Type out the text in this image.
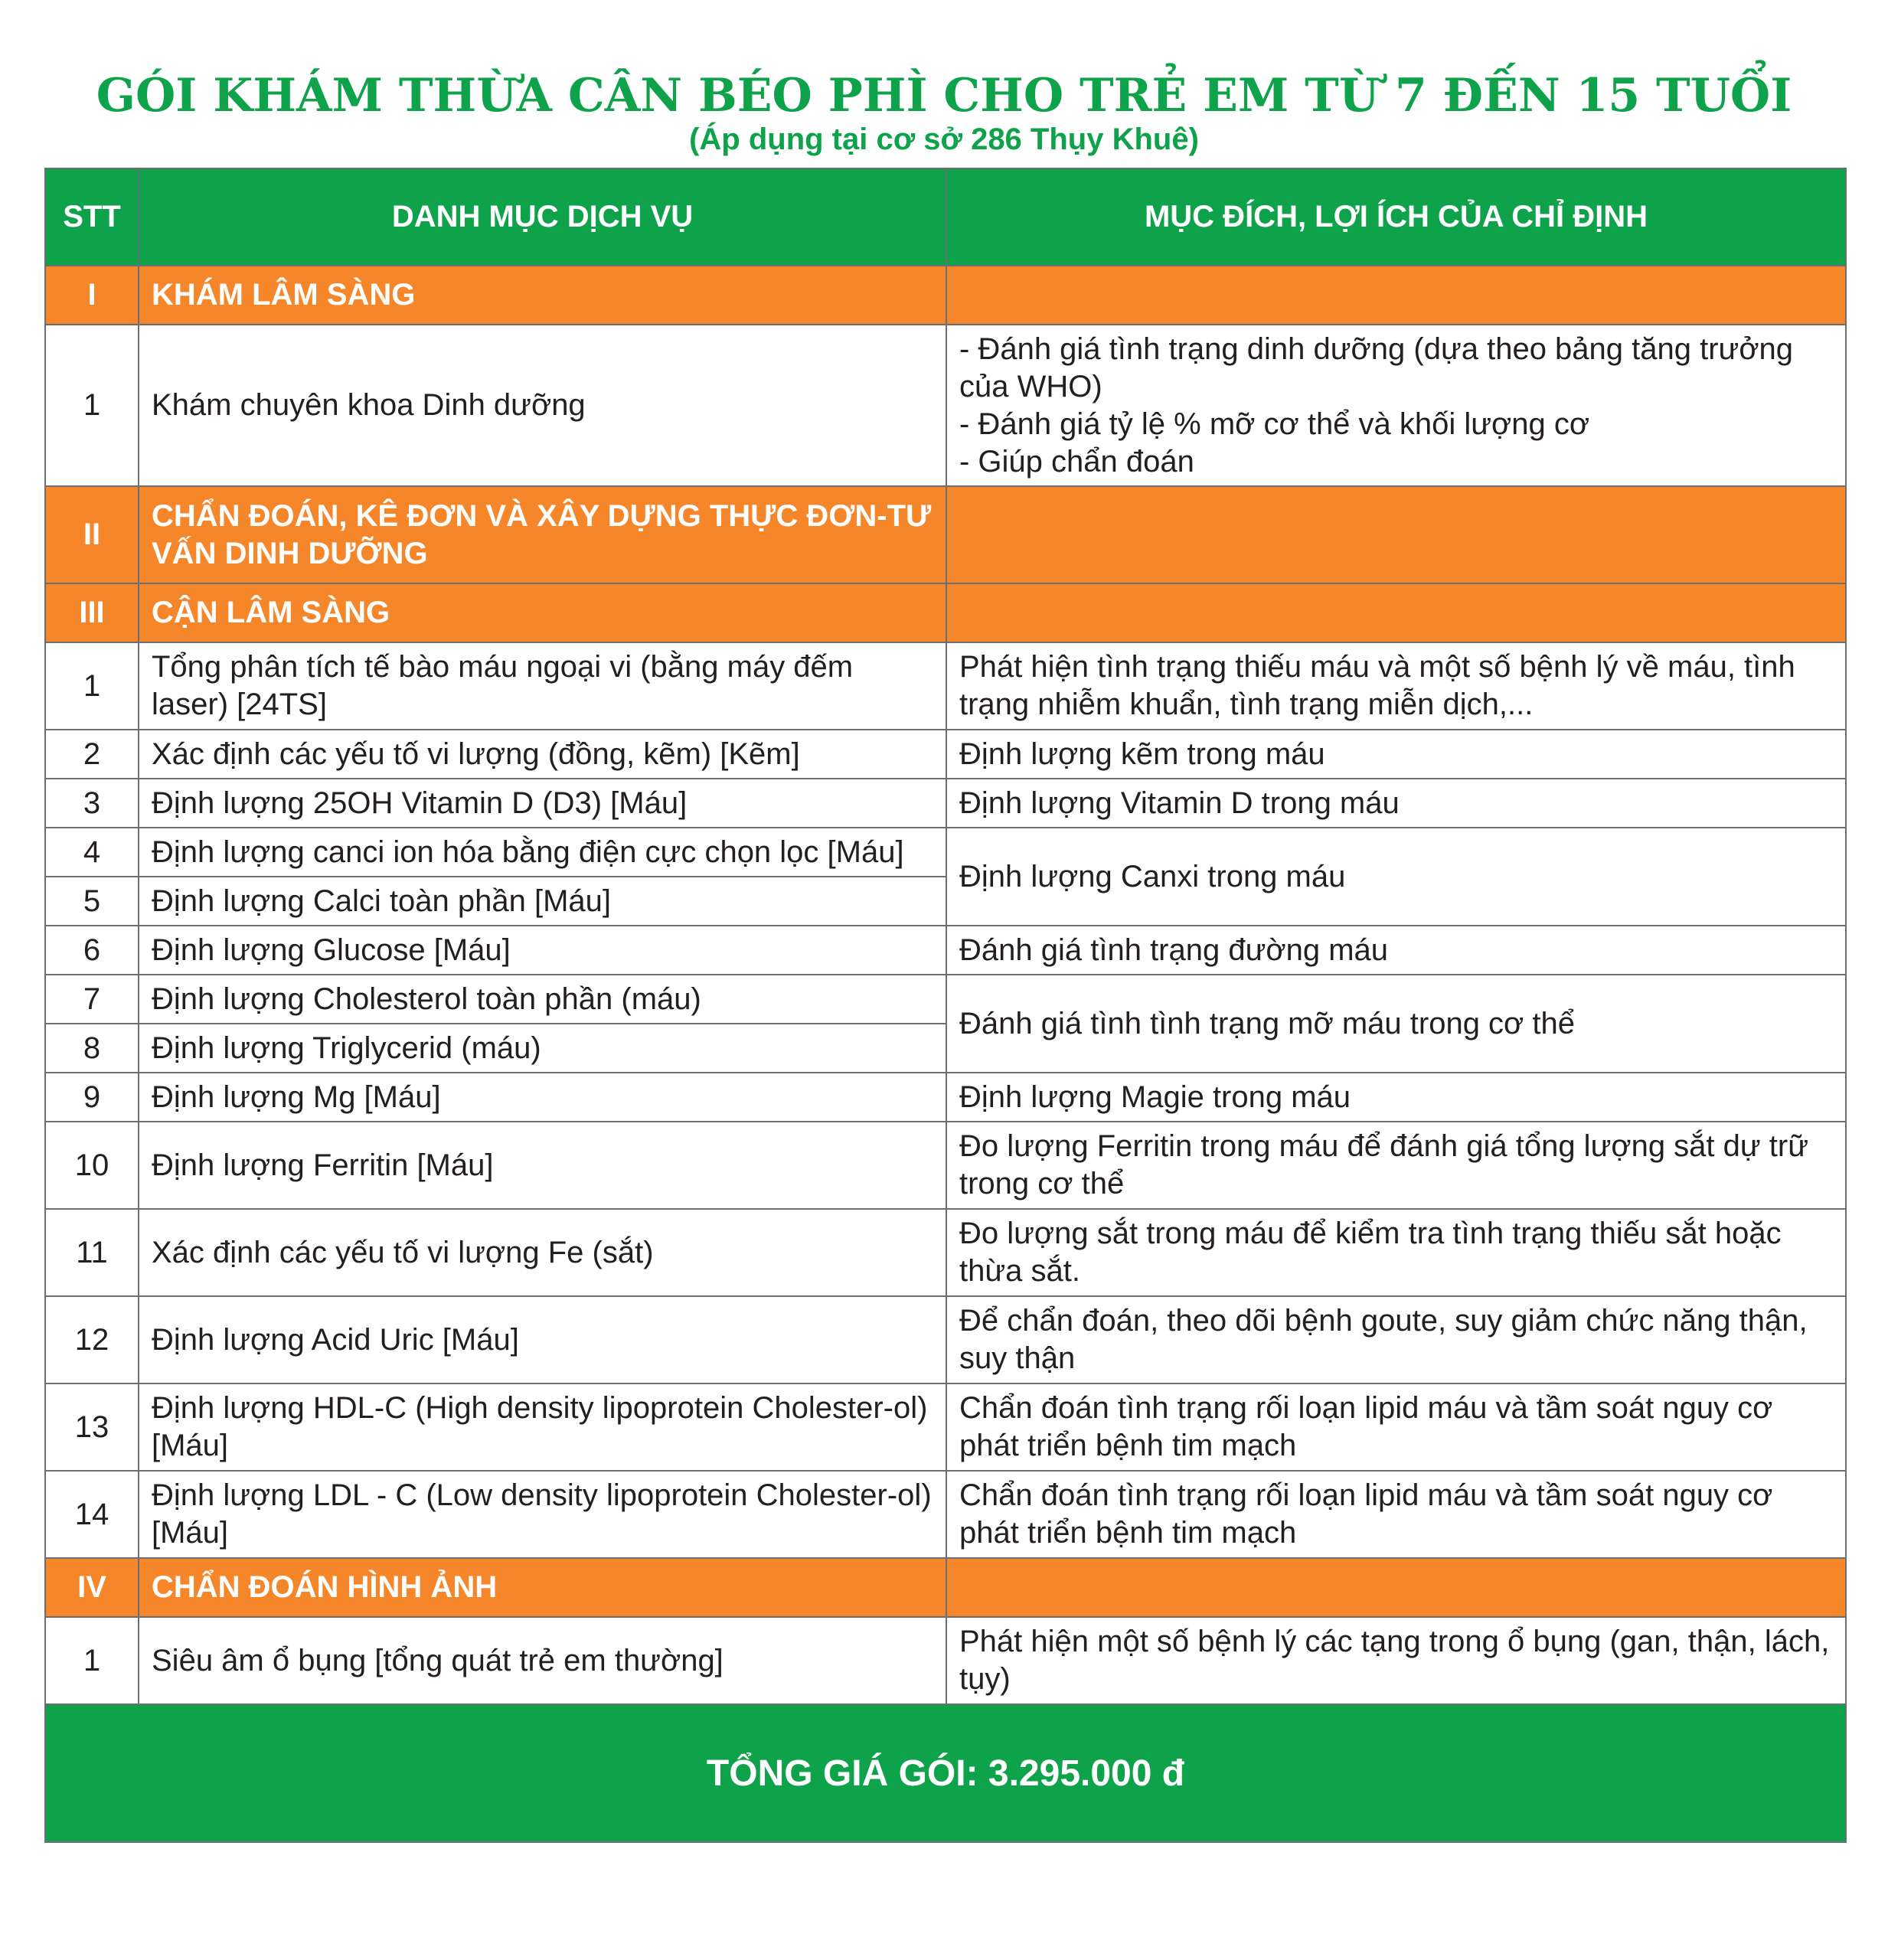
GÓI KHÁM THỪA CÂN BÉO PHÌ CHO TRẺ EM TỪ 7 ĐẾN 15 TUỔI
(Áp dụng tại cơ sở 286 Thụy Khuê)
STT	DANH MỤC DỊCH VỤ	MỤC ĐÍCH, LỢI ÍCH CỦA CHỈ ĐỊNH
I	KHÁM LÂM SÀNG	
1	Khám chuyên khoa Dinh dưỡng	- Đánh giá tình trạng dinh dưỡng (dựa theo bảng tăng trưởng của WHO)
- Đánh giá tỷ lệ % mỡ cơ thể và khối lượng cơ
- Giúp chẩn đoán

II	CHẨN ĐOÁN, KÊ ĐƠN VÀ XÂY DỰNG THỰC ĐƠN-TƯ VẤN DINH DƯỠNG	
III	CẬN LÂM SÀNG	
1	Tổng phân tích tế bào máu ngoại vi (bằng máy đếm laser) [24TS]	Phát hiện tình trạng thiếu máu và một số bệnh lý về máu, tình trạng nhiễm khuẩn, tình trạng miễn dịch,...
2	Xác định các yếu tố vi lượng (đồng, kẽm) [Kẽm]	Định lượng kẽm trong máu
3	Định lượng 25OH Vitamin D (D3) [Máu]	Định lượng Vitamin D trong máu
4	Định lượng canci ion hóa bằng điện cực chọn lọc [Máu]	Định lượng Canxi trong máu
5	Định lượng Calci toàn phần [Máu]	
6	Định lượng Glucose [Máu]	Đánh giá tình trạng đường máu
7	Định lượng Cholesterol toàn phần (máu)	Đánh giá tình tình trạng mỡ máu trong cơ thể
8	Định lượng Triglycerid (máu)	
9	Định lượng Mg [Máu]	Định lượng Magie trong máu
10	Định lượng Ferritin [Máu]	Đo lượng Ferritin trong máu để đánh giá tổng lượng sắt dự trữ trong cơ thể
11	Xác định các yếu tố vi lượng Fe (sắt)	Đo lượng sắt trong máu để kiểm tra tình trạng thiếu sắt hoặc thừa sắt.
12	Định lượng Acid Uric [Máu]	Để chẩn đoán, theo dõi bệnh goute, suy giảm chức năng thận, suy thận
13	Định lượng HDL-C (High density lipoprotein Cholester-ol) [Máu]	Chẩn đoán tình trạng rối loạn lipid máu và tầm soát nguy cơ phát triển bệnh tim mạch
14	Định lượng LDL - C (Low density lipoprotein Cholester-ol) [Máu]	Chẩn đoán tình trạng rối loạn lipid máu và tầm soát nguy cơ phát triển bệnh tim mạch
IV	CHẨN ĐOÁN HÌNH ẢNH	
1	Siêu âm ổ bụng [tổng quát trẻ em thường]	Phát hiện một số bệnh lý các tạng trong ổ bụng (gan, thận, lách, tụy)
TỔNG GIÁ GÓI: 3.295.000 đ		
